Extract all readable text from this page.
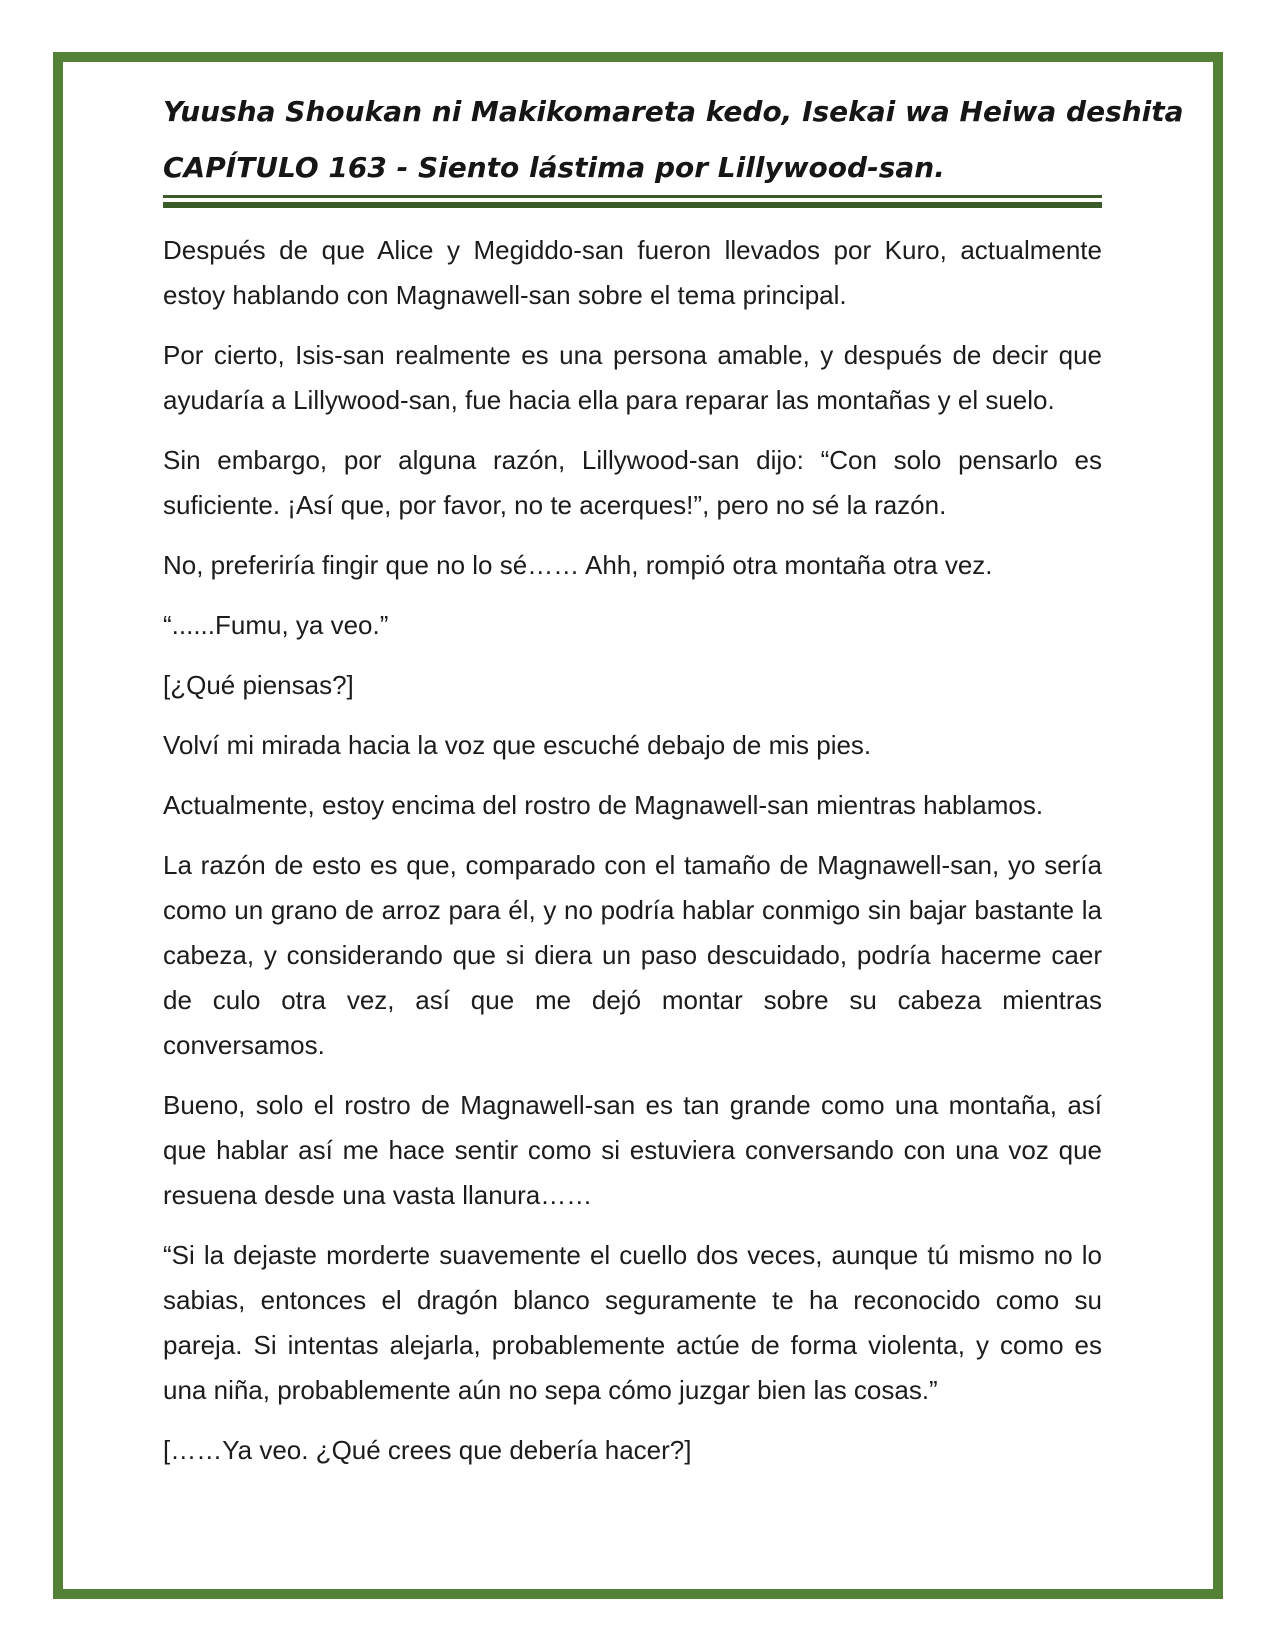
Yuusha Shoukan ni Makikomareta kedo, Isekai wa Heiwa deshita
CAPÍTULO 163 - Siento lástima por Lillywood-san.

Después de que Alice y Megiddo-san fueron llevados por Kuro, actualmente estoy hablando con Magnawell-san sobre el tema principal.

Por cierto, Isis-san realmente es una persona amable, y después de decir que ayudaría a Lillywood-san, fue hacia ella para reparar las montañas y el suelo.

Sin embargo, por alguna razón, Lillywood-san dijo: “Con solo pensarlo es suficiente. ¡Así que, por favor, no te acerques!”, pero no sé la razón.

No, preferiría fingir que no lo sé…… Ahh, rompió otra montaña otra vez.

“......Fumu, ya veo.”

[¿Qué piensas?]

Volví mi mirada hacia la voz que escuché debajo de mis pies.

Actualmente, estoy encima del rostro de Magnawell-san mientras hablamos.

La razón de esto es que, comparado con el tamaño de Magnawell-san, yo sería como un grano de arroz para él, y no podría hablar conmigo sin bajar bastante la cabeza, y considerando que si diera un paso descuidado, podría hacerme caer de culo otra vez, así que me dejó montar sobre su cabeza mientras conversamos.

Bueno, solo el rostro de Magnawell-san es tan grande como una montaña, así que hablar así me hace sentir como si estuviera conversando con una voz que resuena desde una vasta llanura……

“Si la dejaste morderte suavemente el cuello dos veces, aunque tú mismo no lo sabias, entonces el dragón blanco seguramente te ha reconocido como su pareja. Si intentas alejarla, probablemente actúe de forma violenta, y como es una niña, probablemente aún no sepa cómo juzgar bien las cosas.”

[……Ya veo. ¿Qué crees que debería hacer?]
